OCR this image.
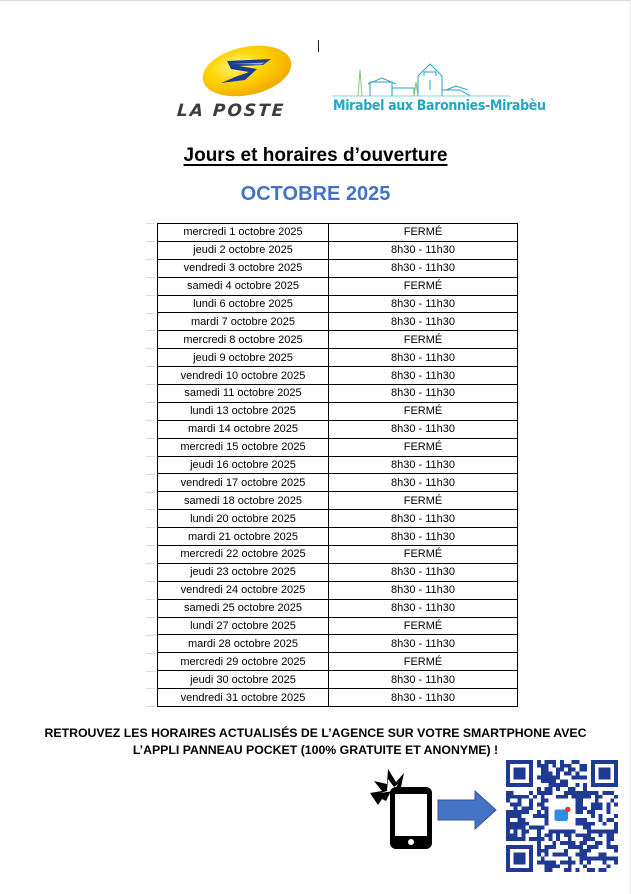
LA POSTE	Mirabel aux Baronnies-Mirabèu
Jours et horaires d’ouverture
OCTOBRE 2025
mercredi 1 octobre 2025	FERMÉ
jeudi 2 octobre 2025	8h30 - 11h30
vendredi 3 octobre 2025	8h30 - 11h30
samedi 4 octobre 2025	FERMÉ
lundi 6 octobre 2025	8h30 - 11h30
mardi 7 octobre 2025	8h30 - 11h30
mercredi 8 octobre 2025	FERMÉ
jeudi 9 octobre 2025	8h30 - 11h30
vendredi 10 octobre 2025	8h30 - 11h30
samedi 11 octobre 2025	8h30 - 11h30
lundi 13 octobre 2025	FERMÉ
mardi 14 octobre 2025	8h30 - 11h30
mercredi 15 octobre 2025	FERMÉ
jeudi 16 octobre 2025	8h30 - 11h30
vendredi 17 octobre 2025	8h30 - 11h30
samedi 18 octobre 2025	FERMÉ
lundi 20 octobre 2025	8h30 - 11h30
mardi 21 octobre 2025	8h30 - 11h30
mercredi 22 octobre 2025	FERMÉ
jeudi 23 octobre 2025	8h30 - 11h30
vendredi 24 octobre 2025	8h30 - 11h30
samedi 25 octobre 2025	8h30 - 11h30
lundi 27 octobre 2025	FERMÉ
mardi 28 octobre 2025	8h30 - 11h30
mercredi 29 octobre 2025	FERMÉ
jeudi 30 octobre 2025	8h30 - 11h30
vendredi 31 octobre 2025	8h30 - 11h30
RETROUVEZ LES HORAIRES ACTUALISÉS DE L’AGENCE SUR VOTRE SMARTPHONE AVEC
L’APPLI PANNEAU POCKET (100% GRATUITE ET ANONYME) !
